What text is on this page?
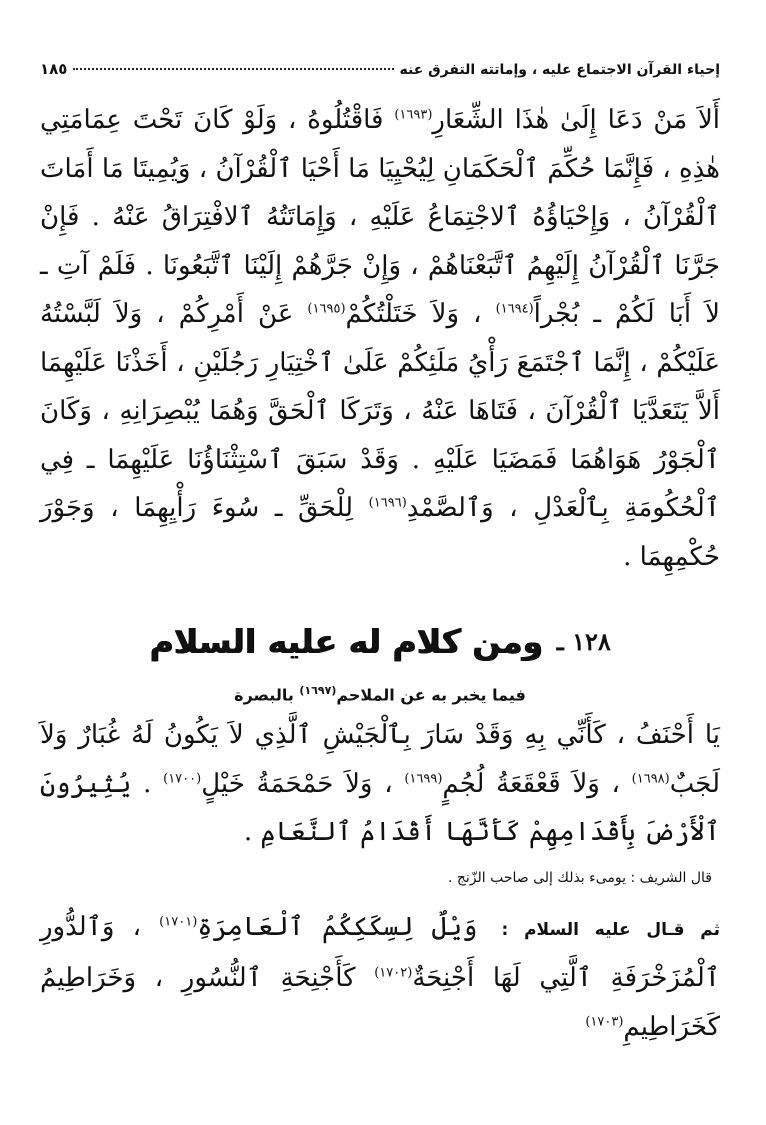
إحياء القرآن الاجتماع عليه ، وإماتته التفرق عنه
١٨٥

أَلاَ مَنْ دَعَا إِلَىٰ هٰذَا الشِّعَارِ$^{(١٦٩٣)}$ فَاقْتُلُوهُ ، وَلَوْ كَانَ تَحْتَ عِمَامَتِي هٰذِهِ ، فَإِنَّمَا حُكِّمَ ٱلْحَكَمَانِ لِيُحْيِيَا مَا أَحْيَا ٱلْقُرْآنُ ، وَيُمِيتَا مَا أَمَاتَ ٱلْقُرْآنُ ، وَإِحْيَاؤُهُ ٱلاجْتِمَاعُ عَلَيْهِ ، وَإِمَاتَتُهُ ٱلافْتِرَاقُ عَنْهُ . فَإِنْ جَرَّنَا ٱلْقُرْآنُ إِلَيْهِمُ ٱتَّبَعْنَاهُمْ ، وَإِنْ جَرَّهُمْ إِلَيْنَا ٱتَّبَعُونَا . فَلَمْ آتِ ـ لاَ أَبَا لَكُمْ ـ بُجْراً$^{(١٦٩٤)}$ ، وَلاَ خَتَلْتُكُمْ$^{(١٦٩٥)}$ عَنْ أَمْرِكُمْ ، وَلاَ لَبَّسْتُهُ عَلَيْكُمْ ، إِنَّمَا ٱجْتَمَعَ رَأْيُ مَلَئِكُمْ عَلَىٰ ٱخْتِيَارِ رَجُلَيْنِ ، أَخَذْنَا عَلَيْهِمَا أَلاَّ يَتَعَدَّيَا ٱلْقُرْآنَ ، فَتَاهَا عَنْهُ ، وَتَرَكَا ٱلْحَقَّ وَهُمَا يُبْصِرَانِهِ ، وَكَانَ ٱلْجَوْرُ هَوَاهُمَا فَمَضَيَا عَلَيْهِ . وَقَدْ سَبَقَ ٱسْتِثْنَاؤُنَا عَلَيْهِمَا ـ فِي ٱلْحُكُومَةِ بِٱلْعَدْلِ ، وَٱلصَّمْدِ$^{(١٦٩٦)}$ لِلْحَقِّ ـ سُوءَ رَأْيِهِمَا ، وَجَوْرَ حُكْمِهِمَا .

١٢٨ ـ
ومن كلام له عليه السلام
فيما يخبر به عن الملاحم$^{(١٦٩٧)}$ بالبصرة

يَا أَحْنَفُ ، كَأَنِّي بِهِ وَقَدْ سَارَ بِٱلْجَيْشِ ٱلَّذِي لاَ يَكُونُ لَهُ غُبَارٌ وَلاَ لَجَبٌ$^{(١٦٩٨)}$ ، وَلاَ قَعْقَعَةُ لُجُمٍ$^{(١٦٩٩)}$ ، وَلاَ حَمْحَمَةُ خَيْلٍ$^{(١٧٠٠)}$ . يُثِيرُونَ ٱلْأَرْضَ بِأَقْدَامِهِمْ كَأَنَّهَا أَقْدَامُ ٱلنَّعَامِ .

قال الشريف : يومىء بذلك إلى صاحب الزّنج .

ثم قـال عليه السلام : وَيْلٌ لِسِكَكِكُمُ ٱلْعَامِرَةِ$^{(١٧٠١)}$ ، وَٱلدُّورِ ٱلْمُزَخْرَفَةِ ٱلَّتِي لَهَا أَجْنِحَةٌ$^{(١٧٠٢)}$ كَأَجْنِحَةِ ٱلنُّسُورِ ، وَخَرَاطِيمُ كَخَرَاطِيمِ$^{(١٧٠٣)}$
